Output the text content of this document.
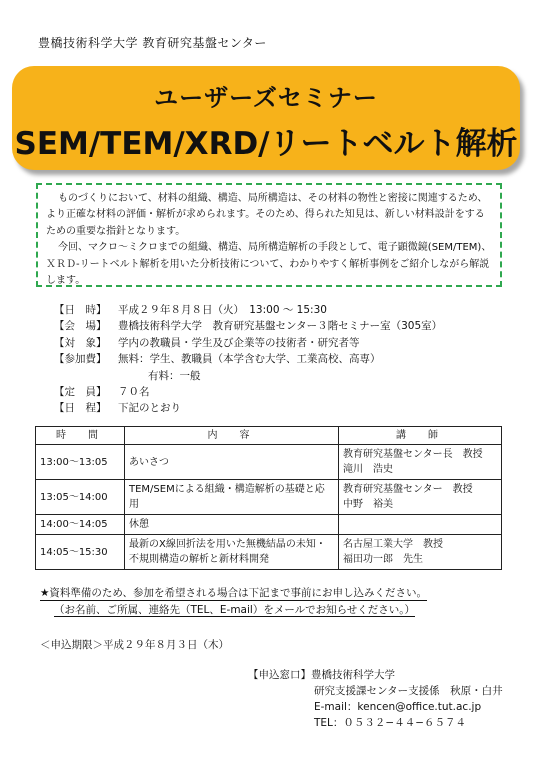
豊橋技術科学大学 教育研究基盤センター
ユーザーズセミナー
SEM/TEM/XRD/リートベルト解析

ものづくりにおいて、材料の組織、構造、局所構造は、その材料の物性と密接に関連するため、より正確な材料の評価・解析が求められます。そのため、得られた知見は、新しい材料設計をするための重要な指針となります。

今回、マクロ〜ミクロまでの組織、構造、局所構造解析の手段として、電子顕微鏡(SEM/TEM)、ＸＲＤ-リートベルト解析を用いた分析技術について、わかりやすく解析事例をご紹介しながら解説します。

【日　時】 平成２９年８月８日（火）　13:00 〜 15:30
【会　場】 豊橋技術科学大学　教育研究基盤センター３階セミナー室（305室）
【対　象】 学内の教職員・学生及び企業等の技術者・研究者等
【参加費】 無料：学生、教職員（本学含む大学、工業高校、高専）
有料：一般
【定　員】 ７０名
【日　程】 下記のとおり
時　間	内　容	講　師
13:00〜13:05	あいさつ	教育研究基盤センター長　教授
滝川　浩史

13:05〜14:00	TEM/SEMによる組織・構造解析の基礎と応用	教育研究基盤センター　教授
中野　裕美

14:00〜14:05	休憩	
14:05〜15:30	最新のX線回折法を用いた無機結晶の未知・不規則構造の解析と新材料開発	名古屋工業大学　教授
福田功一郎　先生
★資料準備のため、参加を希望される場合は下記まで事前にお申し込みください。
（お名前、ご所属、連絡先（TEL、E-mail）をメールでお知らせください。）
＜申込期限＞平成２９年８月３日（木）
【申込窓口】豊橋技術科学大学
研究支援課センター支援係　秋原・白井
E-mail：kencen@office.tut.ac.jp
TEL：０５３２−４４−６５７４
